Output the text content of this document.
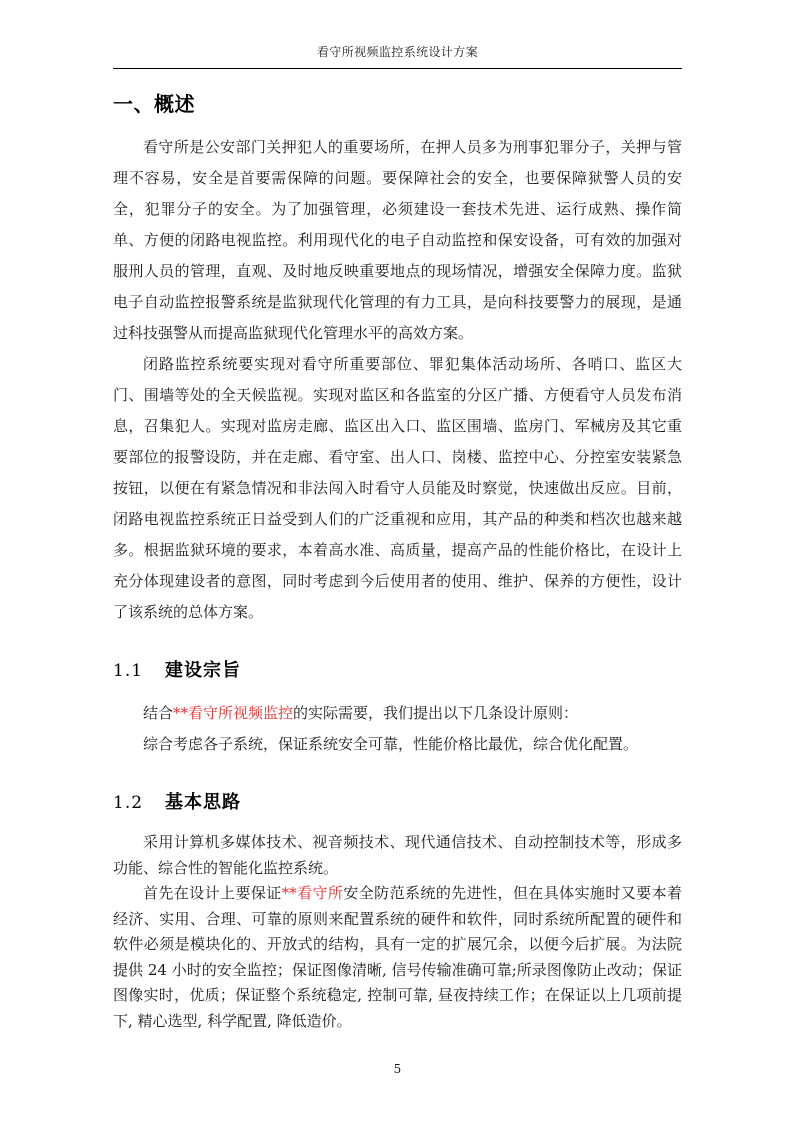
看守所视频监控系统设计方案
一、概述

看守所是公安部门关押犯人的重要场所，在押人员多为刑事犯罪分子，关押与管理不容易，安全是首要需保障的问题。要保障社会的安全，也要保障狱警人员的安全，犯罪分子的安全。为了加强管理，必须建设一套技术先进、运行成熟、操作简单、方便的闭路电视监控。利用现代化的电子自动监控和保安设备，可有效的加强对服刑人员的管理，直观、及时地反映重要地点的现场情况，增强安全保障力度。监狱电子自动监控报警系统是监狱现代化管理的有力工具，是向科技要警力的展现，是通过科技强警从而提高监狱现代化管理水平的高效方案。

闭路监控系统要实现对看守所重要部位、罪犯集体活动场所、各哨口、监区大门、围墙等处的全天候监视。实现对监区和各监室的分区广播、方便看守人员发布消息，召集犯人。实现对监房走廊、监区出入口、监区围墙、监房门、军械房及其它重要部位的报警设防，并在走廊、看守室、出人口、岗楼、监控中心、分控室安装紧急按钮，以便在有紧急情况和非法闯入时看守人员能及时察觉，快速做出反应。目前，闭路电视监控系统正日益受到人们的广泛重视和应用，其产品的种类和档次也越来越多。根据监狱环境的要求，本着高水准、高质量，提高产品的性能价格比，在设计上充分体现建设者的意图，同时考虑到今后使用者的使用、维护、保养的方便性，设计了该系统的总体方案。

1.1 建设宗旨

结合**看守所视频监控的实际需要，我们提出以下几条设计原则：

综合考虑各子系统，保证系统安全可靠，性能价格比最优，综合优化配置。

1.2 基本思路

采用计算机多媒体技术、视音频技术、现代通信技术、自动控制技术等，形成多功能、综合性的智能化监控系统。

首先在设计上要保证**看守所安全防范系统的先进性，但在具体实施时又要本着经济、实用、合理、可靠的原则来配置系统的硬件和软件，同时系统所配置的硬件和软件必须是模块化的、开放式的结构，具有一定的扩展冗余，以便今后扩展。为法院提供 24 小时的安全监控；保证图像清晰, 信号传输准确可靠;所录图像防止改动；保证图像实时，优质；保证整个系统稳定, 控制可靠, 昼夜持续工作；在保证以上几项前提下, 精心选型, 科学配置, 降低造价。

5
